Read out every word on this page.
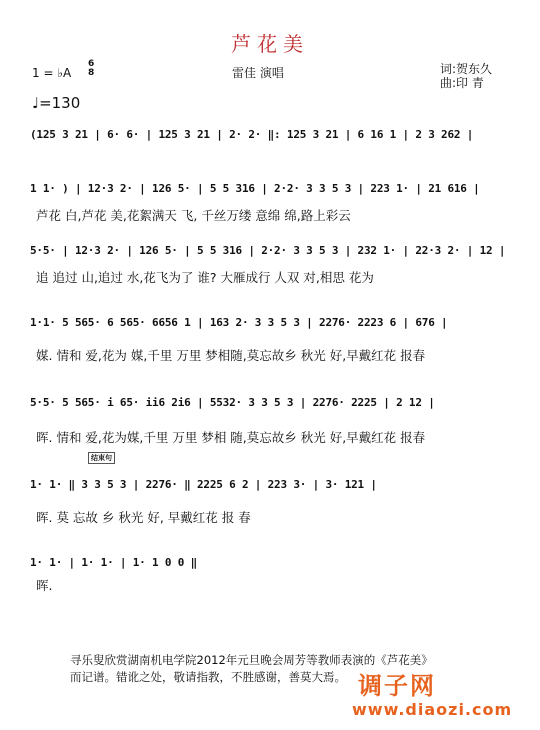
芦花美
1 = ♭A
6
8	雷佳 演唱	词:贺东久
曲:印 青
♩=130
(125 3 21 | 6· 6· | 125 3 21 | 2· 2· ‖: 125 3 21 | 6 16 1 | 2 3 262 |
1 1· ) | 12·3 2· | 126 5· | 5 5 316 | 2·2· 3 3 5 3 | 223 1· | 21 616 |
芦花 白,芦花 美,花絮满天 飞, 千丝万缕 意绵 绵,路上彩云
5·5· | 12·3 2· | 126 5· | 5 5 316 | 2·2· 3 3 5 3 | 232 1· | 22·3 2· | 12 |
追 追过 山,追过 水,花飞为了 谁? 大雁成行 人双 对,相思 花为
1·1· 5 565· 6 565· 6656 1 | 163 2· 3 3 5 3 | 2276· 2223 6 | 676 |
媒. 情和 爱,花为 媒,千里 万里 梦相随,莫忘故乡 秋光 好,早戴红花 报春
5·5· 5 565· i 65· ii6 2i6 | 5532· 3 3 5 3 | 2276· 2225 | 2 12 |
晖. 情和 爱,花为媒,千里 万里 梦相 随,莫忘故乡 秋光 好,早戴红花 报春
结束句
1· 1· ‖ 3 3 5 3 | 2276· ‖ 2225 6 2 | 223 3· | 3· 121 |
晖. 莫 忘故 乡 秋光 好, 早戴红花 报 春
1· 1· | 1· 1· | 1· 1 0 0 ‖
晖.
寻乐叟欣赏湖南机电学院2012年元旦晚会周芳等教师表演的《芦花美》
而记谱。错讹之处，敬请指教，不胜感谢，善莫大焉。 调子网
www.diaozi.com
